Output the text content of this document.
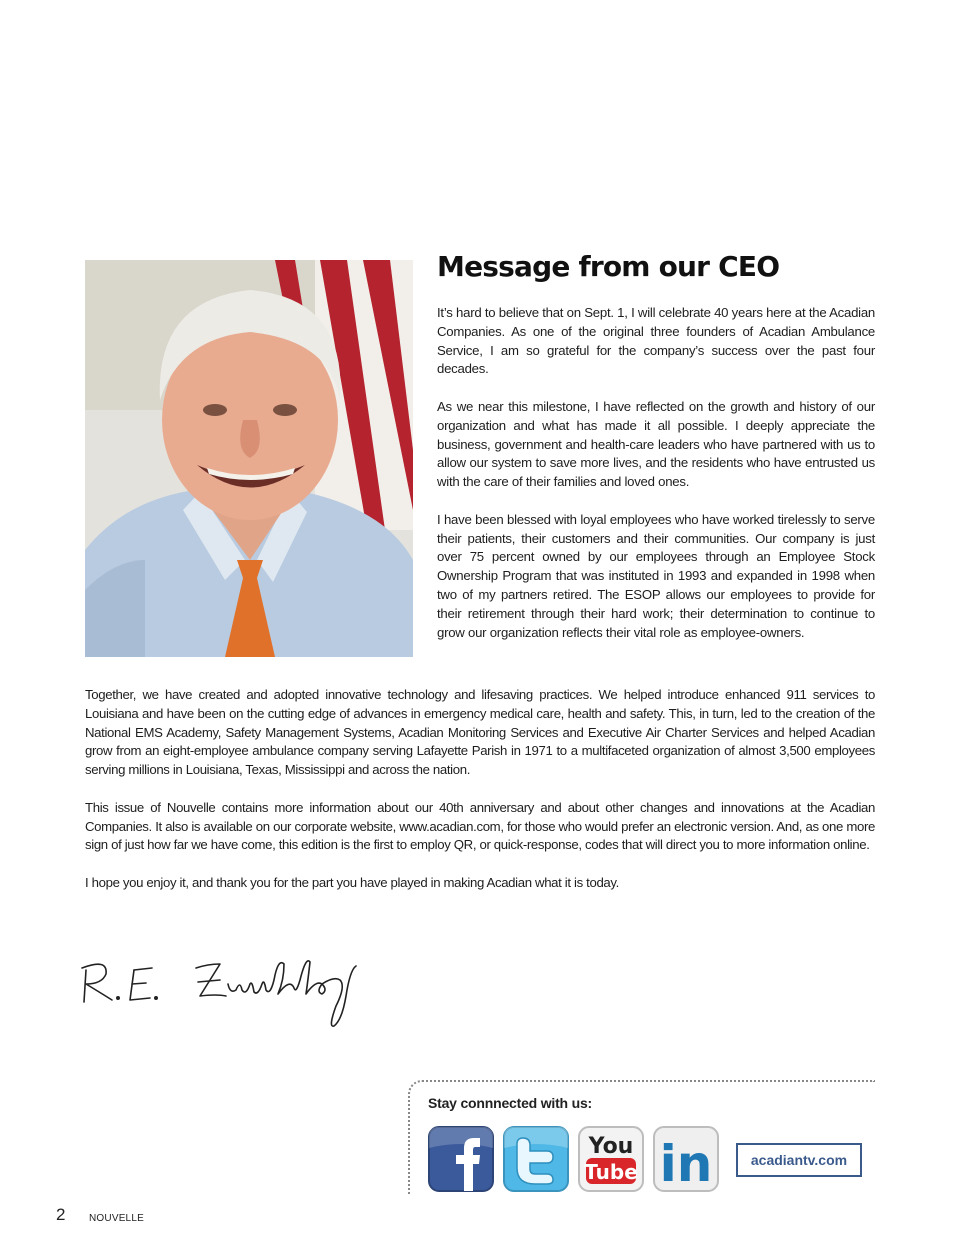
Message from our CEO

It’s hard to believe that on Sept. 1, I will celebrate 40 years here at the Acadian Companies. As one of the original three founders of Acadian Ambulance Service, I am so grateful for the company’s success over the past four decades.

As we near this milestone, I have reflected on the growth and history of our organization and what has made it all possible. I deeply appreciate the business, government and health-care leaders who have partnered with us to allow our system to save more lives, and the residents who have entrusted us with the care of their families and loved ones.

I have been blessed with loyal employees who have worked tirelessly to serve their patients, their customers and their communities. Our company is just over 75 percent owned by our employees through an Employee Stock Ownership Program that was instituted in 1993 and expanded in 1998 when two of my partners retired. The ESOP allows our employees to provide for their retirement through their hard work; their determination to continue to grow our organization reflects their vital role as employee-owners.

Together, we have created and adopted innovative technology and lifesaving practices. We helped introduce enhanced 911 services to Louisiana and have been on the cutting edge of advances in emergency medical care, health and safety. This, in turn, led to the creation of the National EMS Academy, Safety Management Systems, Acadian Monitoring Services and Executive Air Charter Services and helped Acadian grow from an eight-employee ambulance company serving Lafayette Parish in 1971 to a multifaceted organization of almost 3,500 employees serving millions in Louisiana, Texas, Mississippi and across the nation.

This issue of Nouvelle contains more information about our 40th anniversary and about other changes and innovations at the Acadian Companies. It also is available on our corporate website, www.acadian.com, for those who would prefer an electronic version. And, as one more sign of just how far we have come, this edition is the first to employ QR, or quick-response, codes that will direct you to more information online.

I hope you enjoy it, and thank you for the part you have played in making Acadian what it is today.

Stay connnected with us:
You
Tube in	acadiantv.com
2 NOUVELLE
